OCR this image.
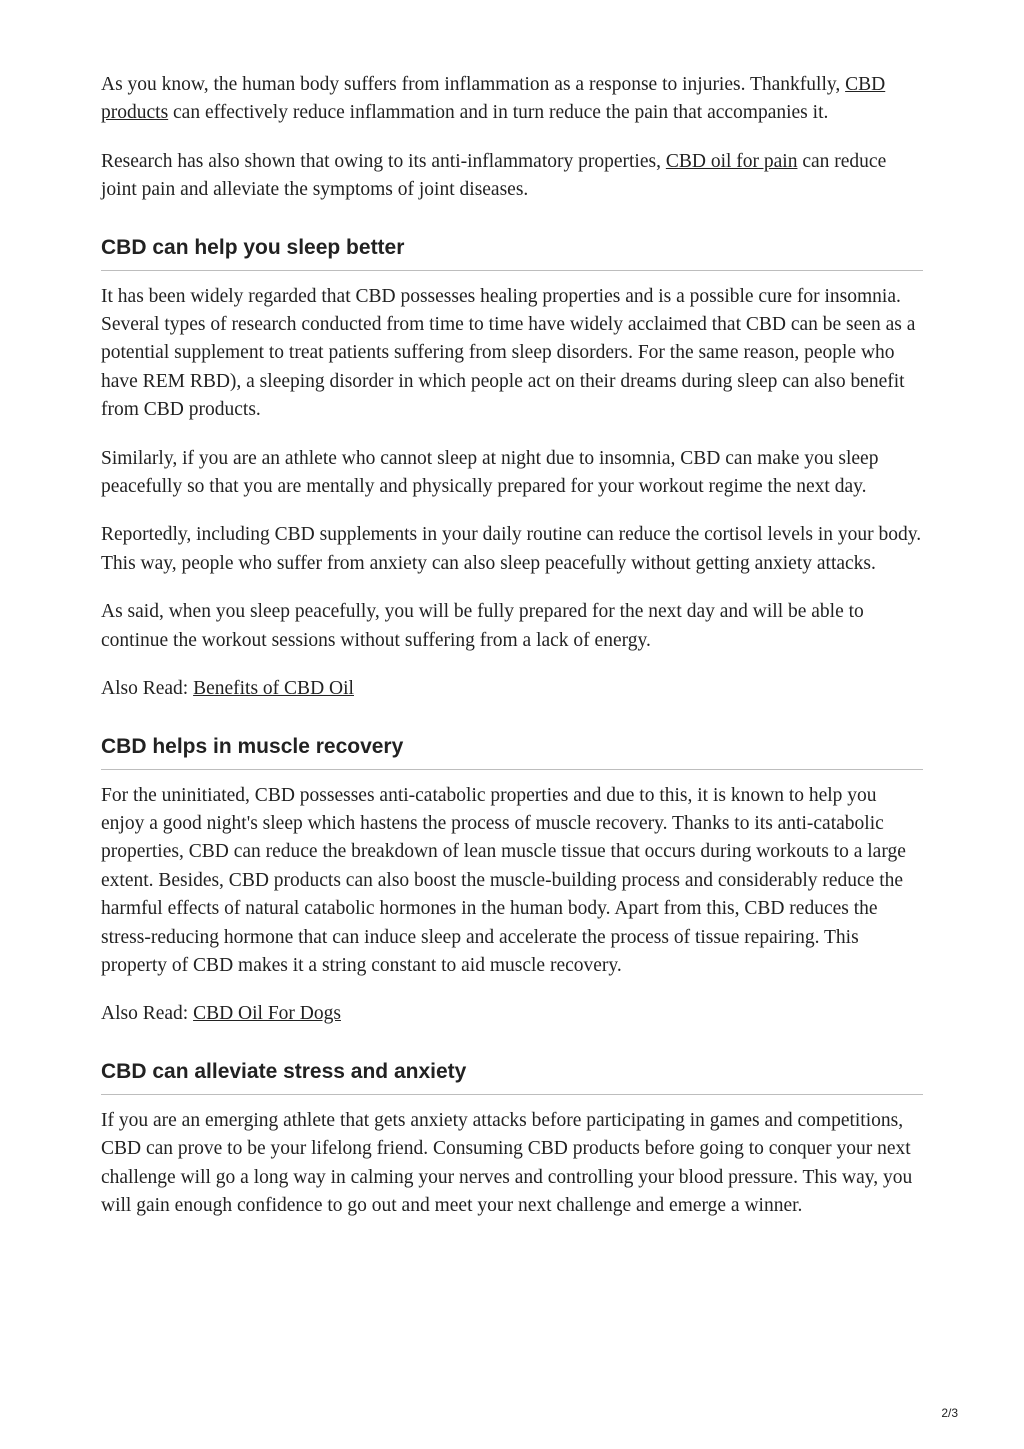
As you know, the human body suffers from inflammation as a response to injuries. Thankfully, CBD products can effectively reduce inflammation and in turn reduce the pain that accompanies it.

Research has also shown that owing to its anti-inflammatory properties, CBD oil for pain can reduce joint pain and alleviate the symptoms of joint diseases.

CBD can help you sleep better

It has been widely regarded that CBD possesses healing properties and is a possible cure for insomnia. Several types of research conducted from time to time have widely acclaimed that CBD can be seen as a potential supplement to treat patients suffering from sleep disorders. For the same reason, people who have REM RBD), a sleeping disorder in which people act on their dreams during sleep can also benefit from CBD products.

Similarly, if you are an athlete who cannot sleep at night due to insomnia, CBD can make you sleep peacefully so that you are mentally and physically prepared for your workout regime the next day.

Reportedly, including CBD supplements in your daily routine can reduce the cortisol levels in your body. This way, people who suffer from anxiety can also sleep peacefully without getting anxiety attacks.

As said, when you sleep peacefully, you will be fully prepared for the next day and will be able to continue the workout sessions without suffering from a lack of energy.

Also Read: Benefits of CBD Oil

CBD helps in muscle recovery

For the uninitiated, CBD possesses anti-catabolic properties and due to this, it is known to help you enjoy a good night's sleep which hastens the process of muscle recovery. Thanks to its anti-catabolic properties, CBD can reduce the breakdown of lean muscle tissue that occurs during workouts to a large extent. Besides, CBD products can also boost the muscle-building process and considerably reduce the harmful effects of natural catabolic hormones in the human body. Apart from this, CBD reduces the stress-reducing hormone that can induce sleep and accelerate the process of tissue repairing. This property of CBD makes it a string constant to aid muscle recovery.

Also Read: CBD Oil For Dogs

CBD can alleviate stress and anxiety

If you are an emerging athlete that gets anxiety attacks before participating in games and competitions, CBD can prove to be your lifelong friend. Consuming CBD products before going to conquer your next challenge will go a long way in calming your nerves and controlling your blood pressure. This way, you will gain enough confidence to go out and meet your next challenge and emerge a winner.

2/3
